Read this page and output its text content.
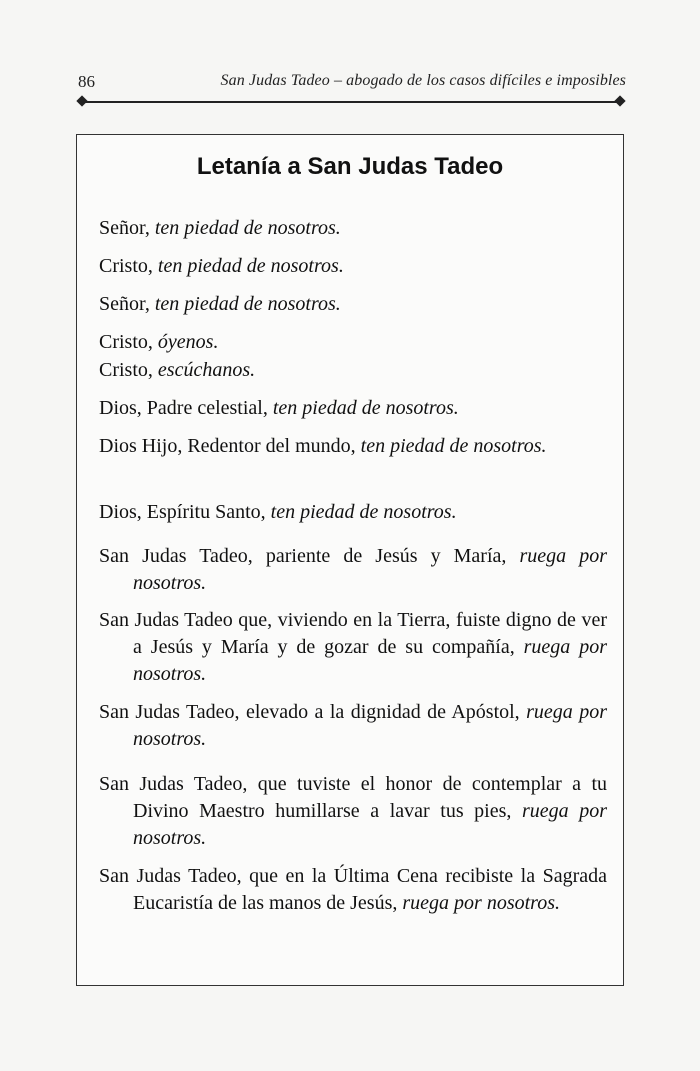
86	San Judas Tadeo – abogado de los casos difíciles e imposibles
Letanía a San Judas Tadeo

Señor, ten piedad de nosotros.

Cristo, ten piedad de nosotros.

Señor, ten piedad de nosotros.

Cristo, óyenos.

Cristo, escúchanos.

Dios, Padre celestial, ten piedad de nosotros.

Dios Hijo, Redentor del mundo, ten piedad de nosotros.

Dios, Espíritu Santo, ten piedad de nosotros.

San Judas Tadeo, pariente de Jesús y María, ruega por nosotros.

San Judas Tadeo que, viviendo en la Tierra, fuiste digno de ver a Jesús y María y de gozar de su compañía, ruega por nosotros.

San Judas Tadeo, elevado a la dignidad de Apóstol, ruega por nosotros.

San Judas Tadeo, que tuviste el honor de contemplar a tu Divino Maestro humillarse a lavar tus pies, ruega por nosotros.

San Judas Tadeo, que en la Última Cena recibiste la Sagrada Eucaristía de las manos de Jesús, ruega por nosotros.
